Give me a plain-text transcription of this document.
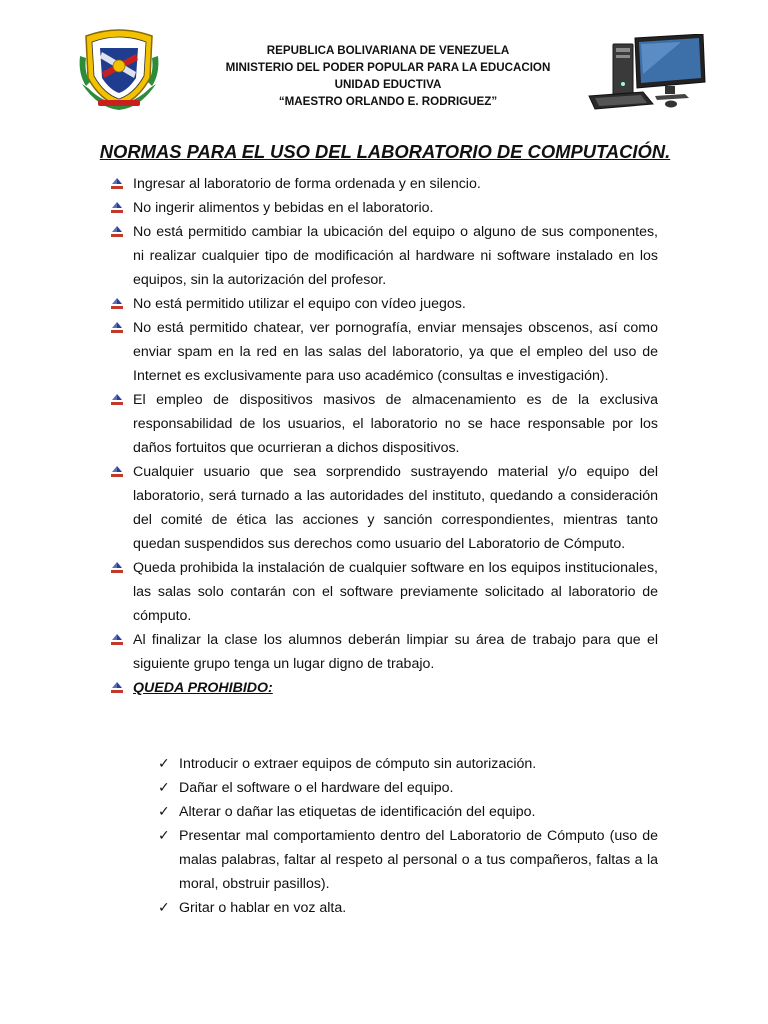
REPUBLICA BOLIVARIANA DE VENEZUELA
MINISTERIO DEL PODER POPULAR PARA LA EDUCACION
UNIDAD EDUCTIVA
“MAESTRO ORLANDO E. RODRIGUEZ”
NORMAS PARA EL USO DEL LABORATORIO DE COMPUTACIÓN.
Ingresar al laboratorio de forma ordenada y en silencio.
No ingerir alimentos y bebidas en el laboratorio.
No está permitido cambiar la ubicación del equipo o alguno de sus componentes, ni realizar cualquier tipo de modificación al hardware ni software instalado en los equipos, sin la autorización del profesor.
No está permitido utilizar el equipo con vídeo juegos.
No está permitido chatear, ver pornografía, enviar mensajes obscenos, así como enviar spam en la red en las salas del laboratorio, ya que el empleo del uso de Internet es exclusivamente para uso académico (consultas e investigación).
El empleo de dispositivos masivos de almacenamiento es de la exclusiva responsabilidad de los usuarios, el laboratorio no se hace responsable por los daños fortuitos que ocurrieran a dichos dispositivos.
Cualquier usuario que sea sorprendido sustrayendo material y/o equipo del laboratorio, será turnado a las autoridades del instituto, quedando a consideración del comité de ética las acciones y sanción correspondientes, mientras tanto quedan suspendidos sus derechos como usuario del Laboratorio de Cómputo.
Queda prohibida la instalación de cualquier software en los equipos institucionales, las salas solo contarán con el software previamente solicitado al laboratorio de cómputo.
Al finalizar la clase los alumnos deberán limpiar su área de trabajo para que el siguiente grupo tenga un lugar digno de trabajo.
QUEDA PROHIBIDO:
✓ Introducir o extraer equipos de cómputo sin autorización.
✓ Dañar el software o el hardware del equipo.
✓ Alterar o dañar las etiquetas de identificación del equipo.
✓ Presentar mal comportamiento dentro del Laboratorio de Cómputo (uso de malas palabras, faltar al respeto al personal o a tus compañeros, faltas a la moral, obstruir pasillos).
✓ Gritar o hablar en voz alta.
